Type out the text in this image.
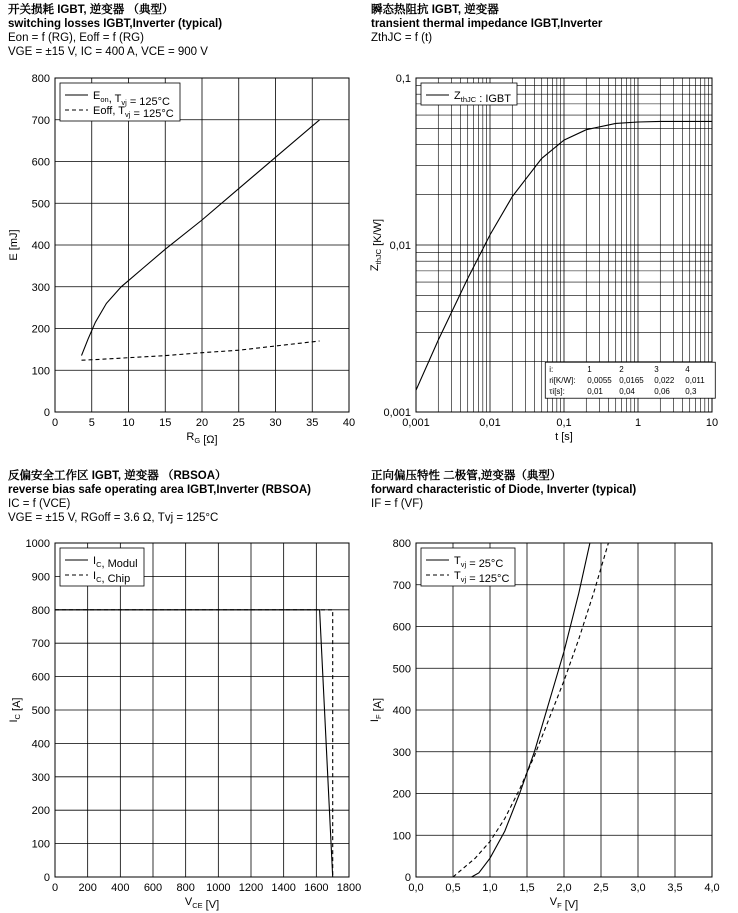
开关损耗 IGBT, 逆变器 （典型）
switching losses IGBT,Inverter (typical)
Eon = f (RG), Eoff = f (RG)
VGE = ±15 V, IC = 400 A, VCE = 900 V
瞬态热阻抗 IGBT, 逆变器
transient thermal impedance IGBT,Inverter
ZthJC = f (t)
反偏安全工作区 IGBT, 逆变器 （RBSOA）
reverse bias safe operating area IGBT,Inverter (RBSOA)
IC = f (VCE)
VGE = ±15 V, RGoff = 3.6 Ω, Tvj = 125°C
正向偏压特性 二极管,逆变器（典型）
forward characteristic of Diode, Inverter (typical)
IF = f (VF)
0	5	10 15 20 25 30 35 40
0
100
200
300
400
500
600
700
800
$R_G$ [Ω]
E [mJ]
$E_{on}$, $T_{vj} = 125^\circ C$
Eoff, $T_{vj} = 125^\circ C$
0,001	0,01	0,1	1	10
0,001
0,01
0,1
t [s]
$Z_{thJC}$ [K/W]
$Z_{thJC}$ : IGBT
i:	1	2	3	4
ri[K/W]: 0,0055 0,0165 0,022 0,011
τi[s]:	0,01 0,04 0,06 0,3
0 200 400 600 800 1000 1200 1400 1600 1800
0
100
200
300
400
500
600
700
800
900
1000
$V_{CE}$ [V]
$I_C$ [A]
$I_C$, Modul
$I_C$, Chip
0,0 0,5 1,0 1,5 2,0 2,5 3,0 3,5 4,0
0
100
200
300
400
500
600
700
800
$V_F$ [V]
$I_F$ [A]
$T_{vj} = 25^\circ C$
$T_{vj} = 125^\circ C$
